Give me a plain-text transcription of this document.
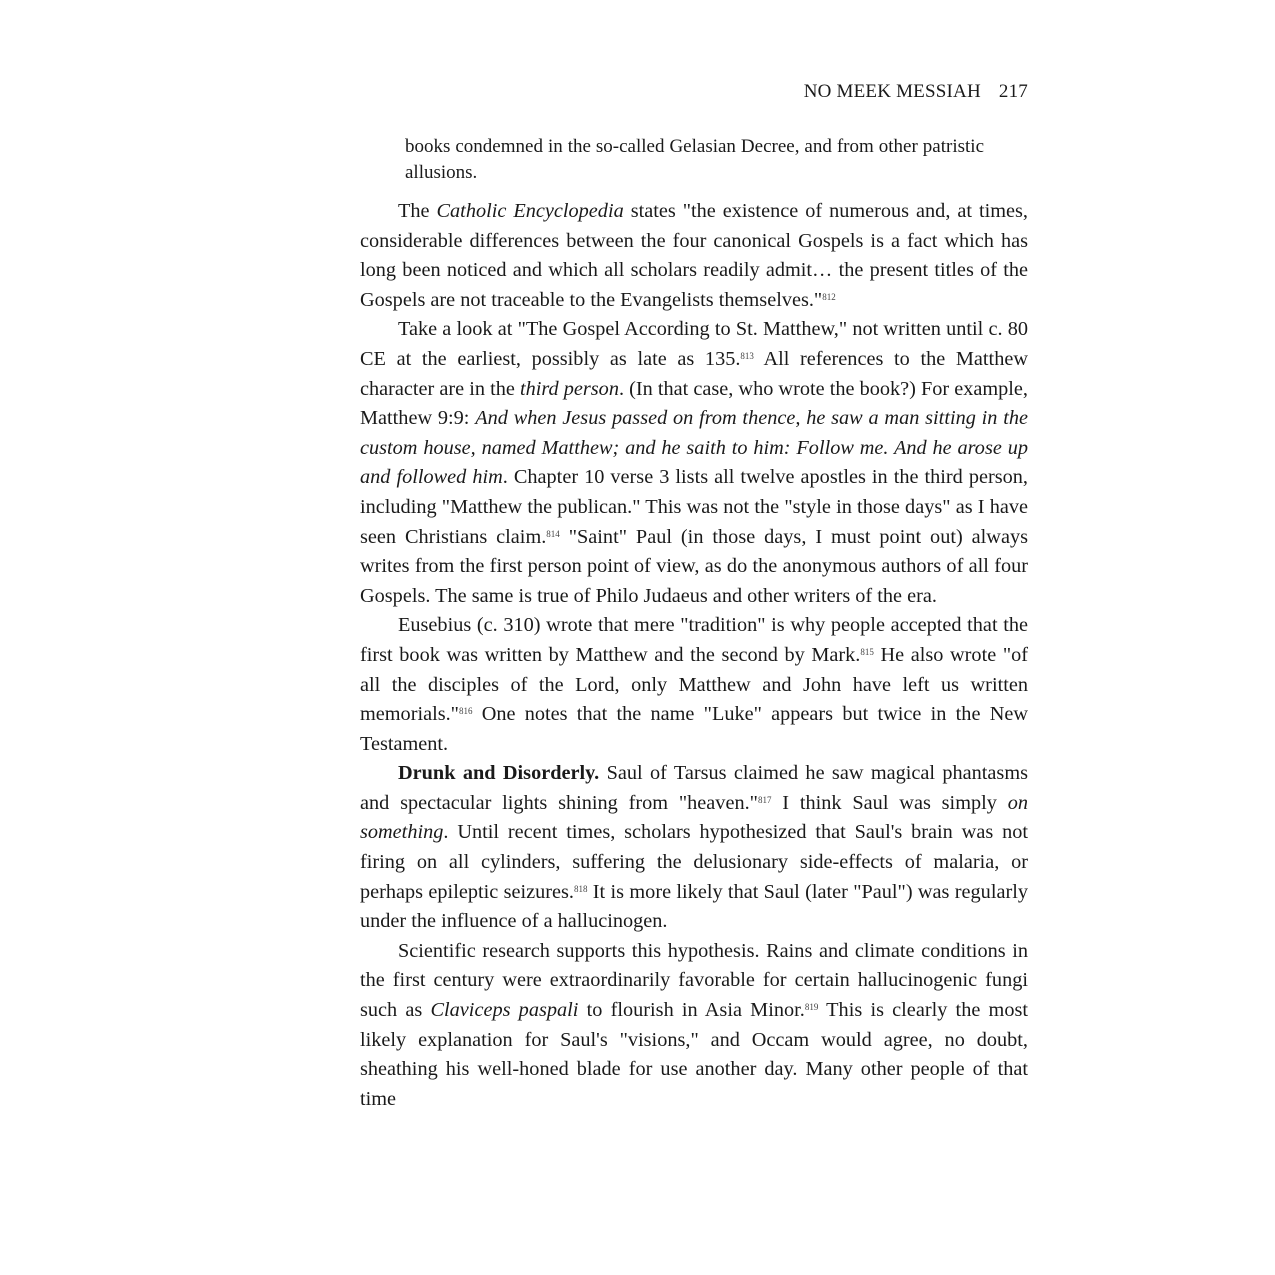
NO MEEK MESSIAH 217
books condemned in the so-called Gelasian Decree, and from other patristic allusions.

The Catholic Encyclopedia states "the existence of numerous and, at times, considerable differences between the four canonical Gospels is a fact which has long been noticed and which all scholars readily admit… the present titles of the Gospels are not traceable to the Evangelists themselves."$^{812}$

Take a look at "The Gospel According to St. Matthew," not written until c. 80 CE at the earliest, possibly as late as 135.$^{813}$ All references to the Matthew character are in the third person. (In that case, who wrote the book?) For example, Matthew 9:9: And when Jesus passed on from thence, he saw a man sitting in the custom house, named Matthew; and he saith to him: Follow me. And he arose up and followed him. Chapter 10 verse 3 lists all twelve apostles in the third person, including "Matthew the publican." This was not the "style in those days" as I have seen Christians claim.$^{814}$ "Saint" Paul (in those days, I must point out) always writes from the first person point of view, as do the anonymous authors of all four Gospels. The same is true of Philo Judaeus and other writers of the era.

Eusebius (c. 310) wrote that mere "tradition" is why people accepted that the first book was written by Matthew and the second by Mark.$^{815}$ He also wrote "of all the disciples of the Lord, only Matthew and John have left us written memorials."$^{816}$ One notes that the name "Luke" appears but twice in the New Testament.

Drunk and Disorderly. Saul of Tarsus claimed he saw magical phantasms and spectacular lights shining from "heaven."$^{817}$ I think Saul was simply on something. Until recent times, scholars hypothesized that Saul's brain was not firing on all cylinders, suffering the delusionary side-effects of malaria, or perhaps epileptic seizures.$^{818}$ It is more likely that Saul (later "Paul") was regularly under the influence of a hallucinogen.

Scientific research supports this hypothesis. Rains and climate conditions in the first century were extraordinarily favorable for certain hallucinogenic fungi such as Claviceps paspali to flourish in Asia Minor.$^{819}$ This is clearly the most likely explanation for Saul's "visions," and Occam would agree, no doubt, sheathing his well-honed blade for use another day. Many other people of that time
